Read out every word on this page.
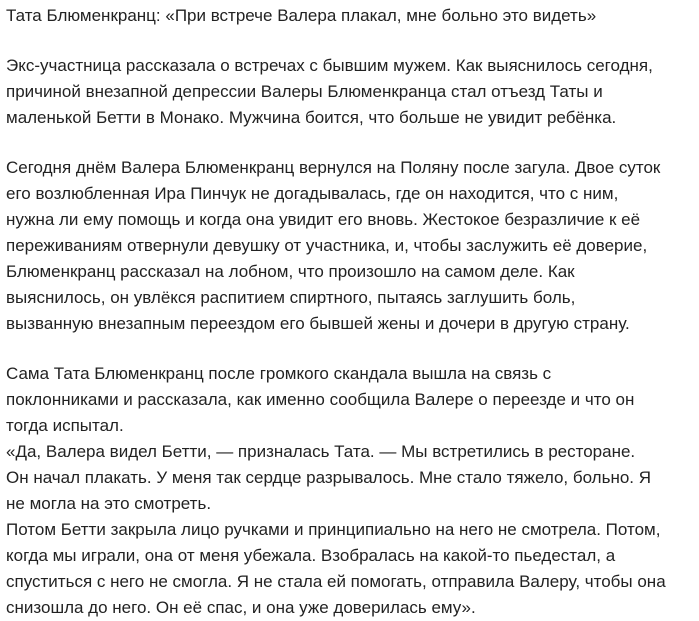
Тата Блюменкранц: «При встрече Валера плакал, мне больно это видеть»
Экс-участница рассказала о встречах с бывшим мужем. Как выяснилось сегодня,
причиной внезапной депрессии Валеры Блюменкранца стал отъезд Таты и
маленькой Бетти в Монако. Мужчина боится, что больше не увидит ребёнка.
Сегодня днём Валера Блюменкранц вернулся на Поляну после загула. Двое суток
его возлюбленная Ира Пинчук не догадывалась, где он находится, что с ним,
нужна ли ему помощь и когда она увидит его вновь. Жестокое безразличие к её
переживаниям отвернули девушку от участника, и, чтобы заслужить её доверие,
Блюменкранц рассказал на лобном, что произошло на самом деле. Как
выяснилось, он увлёкся распитием спиртного, пытаясь заглушить боль,
вызванную внезапным переездом его бывшей жены и дочери в другую страну.
Сама Тата Блюменкранц после громкого скандала вышла на связь с
поклонниками и рассказала, как именно сообщила Валере о переезде и что он
тогда испытал.
«Да, Валера видел Бетти, — призналась Тата. — Мы встретились в ресторане.
Он начал плакать. У меня так сердце разрывалось. Мне стало тяжело, больно. Я
не могла на это смотреть.
Потом Бетти закрыла лицо ручками и принципиально на него не смотрела. Потом,
когда мы играли, она от меня убежала. Взобралась на какой-то пьедестал, а
спуститься с него не смогла. Я не стала ей помогать, отправила Валеру, чтобы она
снизошла до него. Он её спас, и она уже доверилась ему».
